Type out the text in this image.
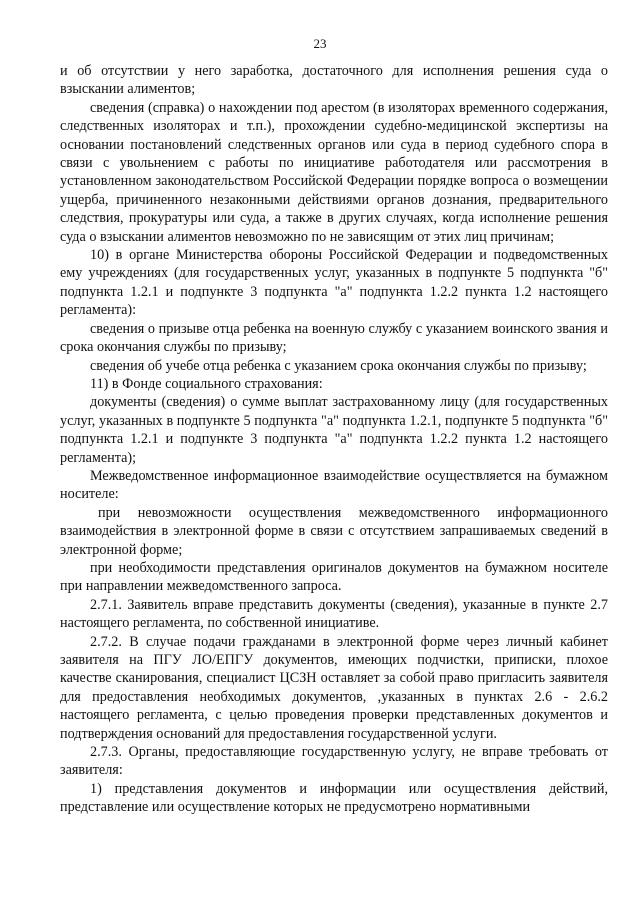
23

и об отсутствии у него заработка, достаточного для исполнения решения суда о взыскании алиментов;

сведения (справка) о нахождении под арестом (в изоляторах временного содержания, следственных изоляторах и т.п.), прохождении судебно-медицинской экспертизы на основании постановлений следственных органов или суда в период судебного спора в связи с увольнением с работы по инициативе работодателя или рассмотрения в установленном законодательством Российской Федерации порядке вопроса о возмещении ущерба, причиненного незаконными действиями органов дознания, предварительного следствия, прокуратуры или суда, а также в других случаях, когда исполнение решения суда о взыскании алиментов невозможно по не зависящим от этих лиц причинам;

10) в органе Министерства обороны Российской Федерации и подведомственных ему учреждениях (для государственных услуг, указанных в подпункте 5 подпункта "б" подпункта 1.2.1 и подпункте 3 подпункта "а" подпункта 1.2.2 пункта 1.2 настоящего регламента):

сведения о призыве отца ребенка на военную службу с указанием воинского звания и срока окончания службы по призыву;

сведения об учебе отца ребенка с указанием срока окончания службы по призыву;

11) в Фонде социального страхования:

документы (сведения) о сумме выплат застрахованному лицу (для государственных услуг, указанных в подпункте 5 подпункта "а" подпункта 1.2.1, подпункте 5 подпункта "б" подпункта 1.2.1 и подпункте 3 подпункта "а" подпункта 1.2.2 пункта 1.2 настоящего регламента);

Межведомственное информационное взаимодействие осуществляется на бумажном носителе:

при невозможности осуществления межведомственного информационного взаимодействия в электронной форме в связи с отсутствием запрашиваемых сведений в электронной форме;

при необходимости представления оригиналов документов на бумажном носителе при направлении межведомственного запроса.

2.7.1. Заявитель вправе представить документы (сведения), указанные в пункте 2.7 настоящего регламента, по собственной инициативе.

2.7.2. В случае подачи гражданами в электронной форме через личный кабинет заявителя на ПГУ ЛО/ЕПГУ документов, имеющих подчистки, приписки, плохое качестве сканирования, специалист ЦСЗН оставляет за собой право пригласить заявителя для предоставления необходимых документов, ,указанных в пунктах 2.6 - 2.6.2 настоящего регламента, с целью проведения проверки представленных документов и подтверждения оснований для предоставления государственной услуги.

2.7.3. Органы, предоставляющие государственную услугу, не вправе требовать от заявителя:

1) представления документов и информации или осуществления действий, представление или осуществление которых не предусмотрено нормативными
